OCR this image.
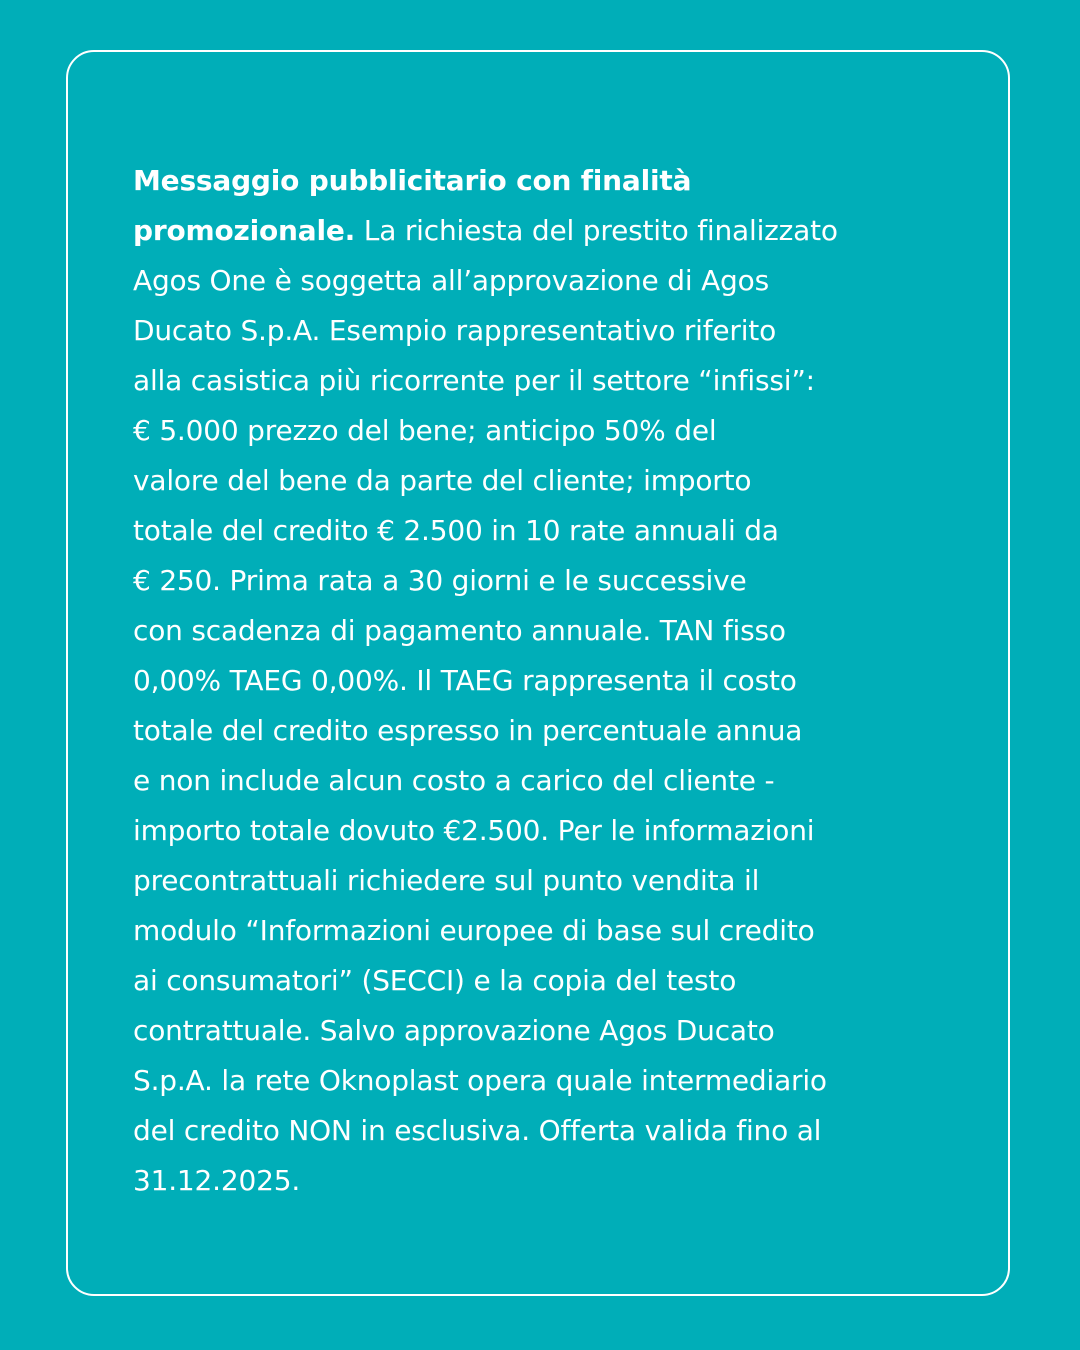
Messaggio pubblicitario con finalità
promozionale. La richiesta del prestito finalizzato
Agos One è soggetta all’approvazione di Agos
Ducato S.p.A. Esempio rappresentativo riferito
alla casistica più ricorrente per il settore “infissi”:
€ 5.000 prezzo del bene; anticipo 50% del
valore del bene da parte del cliente; importo
totale del credito € 2.500 in 10 rate annuali da
€ 250. Prima rata a 30 giorni e le successive
con scadenza di pagamento annuale. TAN fisso
0,00% TAEG 0,00%. Il TAEG rappresenta il costo
totale del credito espresso in percentuale annua
e non include alcun costo a carico del cliente -
importo totale dovuto €2.500. Per le informazioni
precontrattuali richiedere sul punto vendita il
modulo “Informazioni europee di base sul credito
ai consumatori” (SECCI) e la copia del testo
contrattuale. Salvo approvazione Agos Ducato
S.p.A. la rete Oknoplast opera quale intermediario
del credito NON in esclusiva. Offerta valida fino al
31.12.2025.
